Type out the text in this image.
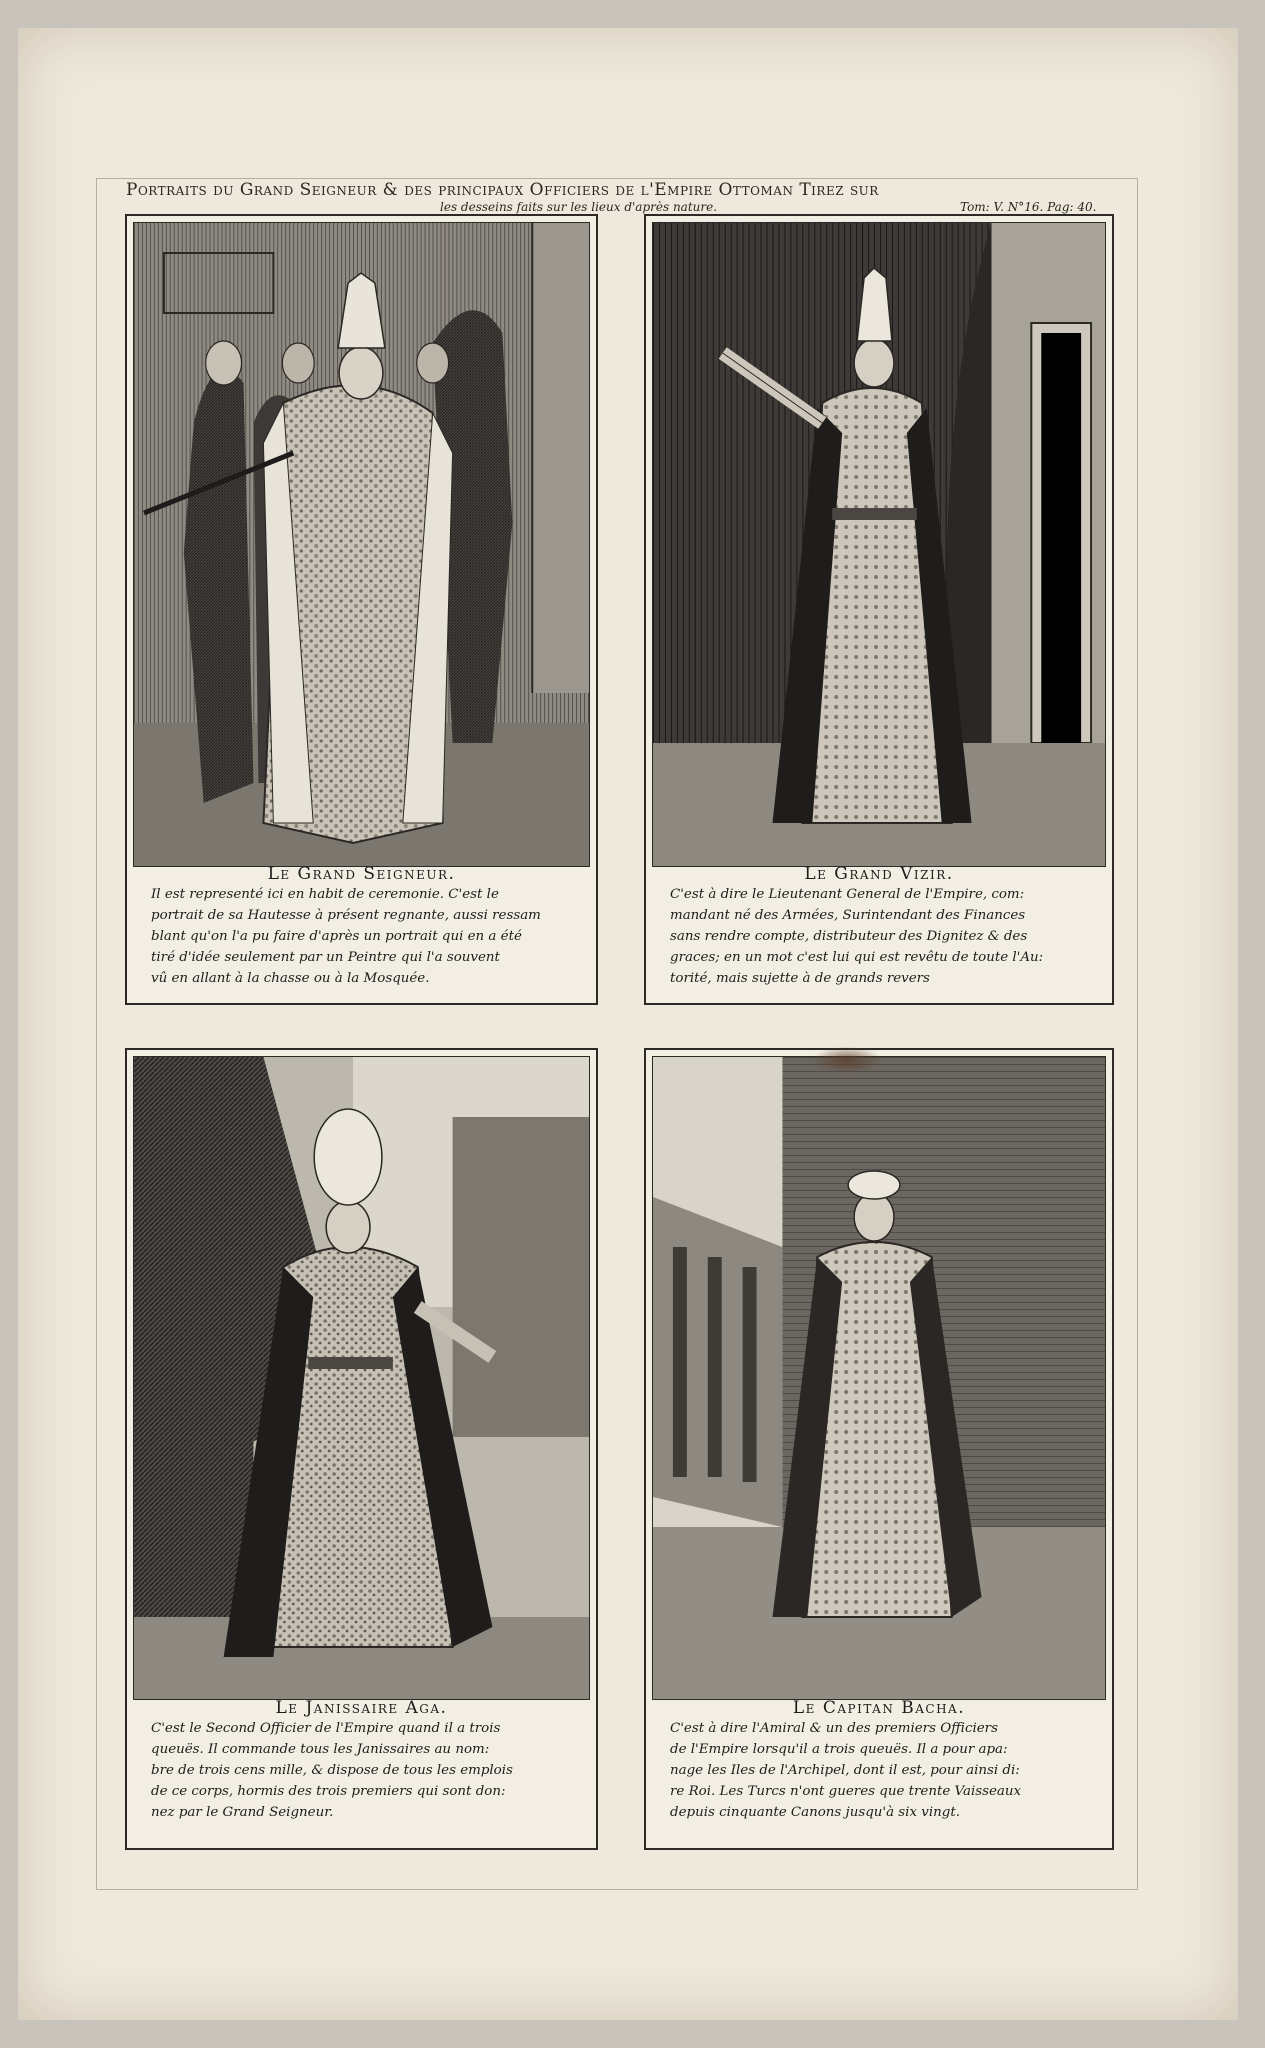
Portraits du Grand Seigneur & des principaux Officiers de l'Empire Ottoman Tirez sur
les desseins faits sur les lieux d'après nature.	Tom: V. N°16. Pag: 40.
Le Grand Seigneur.
Il est representé ici en habit de ceremonie. C'est le
portrait de sa Hautesse à présent regnante, aussi ressam
blant qu'on l'a pu faire d'après un portrait qui en a été
tiré d'idée seulement par un Peintre qui l'a souvent
vû en allant à la chasse ou à la Mosquée.
Le Grand Vizir.
C'est à dire le Lieutenant General de l'Empire, com:
mandant né des Armées, Surintendant des Finances
sans rendre compte, distributeur des Dignitez & des
graces; en un mot c'est lui qui est revêtu de toute l'Au:
torité, mais sujette à de grands revers
Le Janissaire Aga.
C'est le Second Officier de l'Empire quand il a trois
queuës. Il commande tous les Janissaires au nom:
bre de trois cens mille, & dispose de tous les emplois
de ce corps, hormis des trois premiers qui sont don:
nez par le Grand Seigneur.
Le Capitan Bacha.
C'est à dire l'Amiral & un des premiers Officiers
de l'Empire lorsqu'il a trois queuës. Il a pour apa:
nage les Iles de l'Archipel, dont il est, pour ainsi di:
re Roi. Les Turcs n'ont gueres que trente Vaisseaux
depuis cinquante Canons jusqu'à six vingt.
